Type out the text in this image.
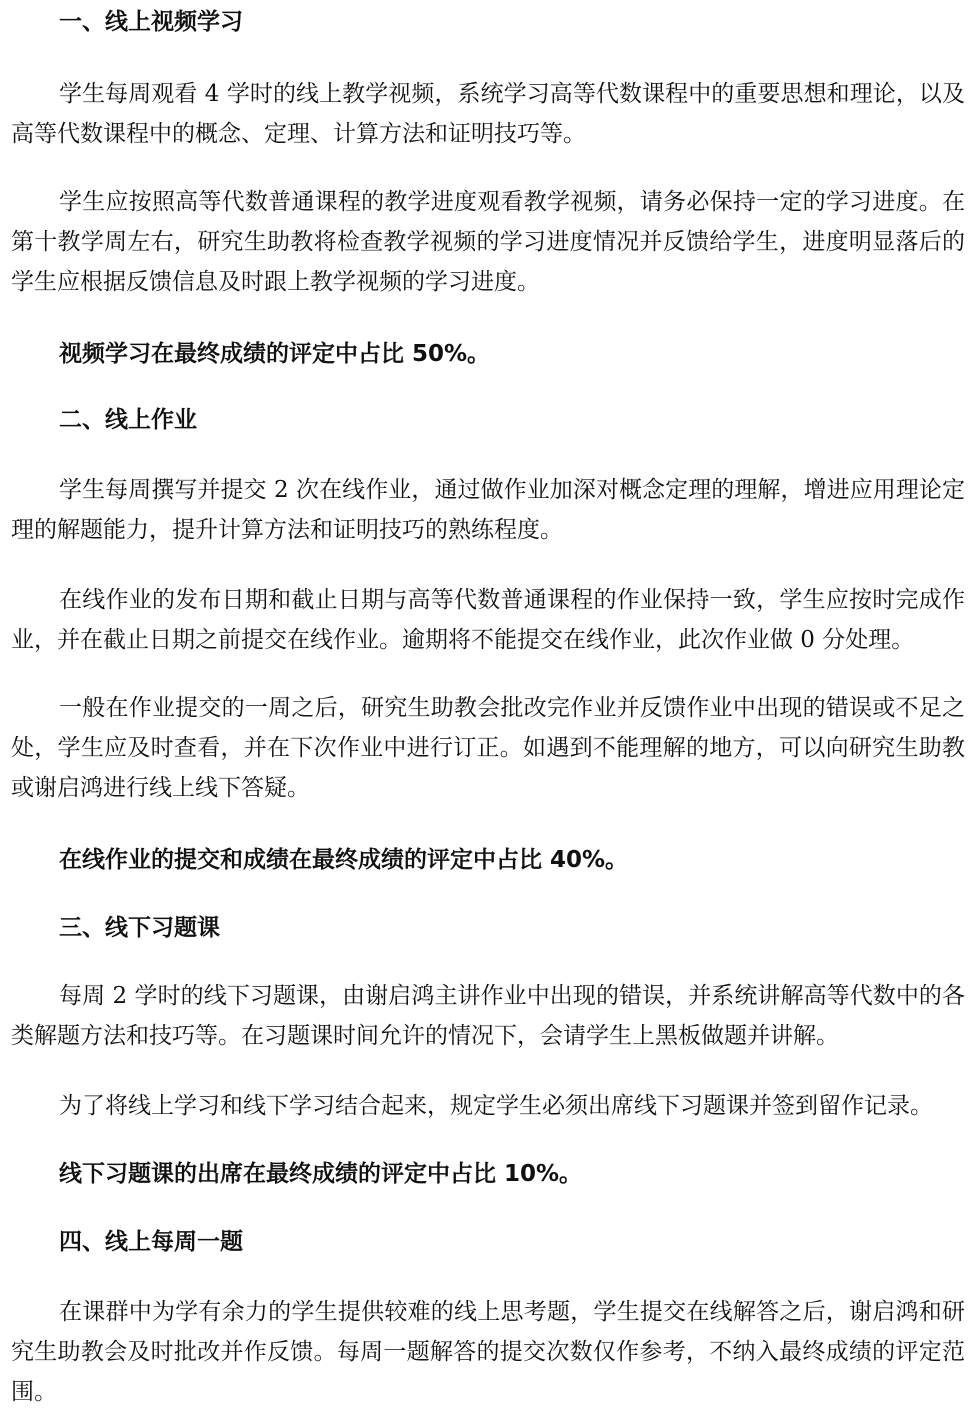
一、线上视频学习

学生每周观看 4 学时的线上教学视频，系统学习高等代数课程中的重要思想和理论，以及高等代数课程中的概念、定理、计算方法和证明技巧等。

学生应按照高等代数普通课程的教学进度观看教学视频，请务必保持一定的学习进度。在第十教学周左右，研究生助教将检查教学视频的学习进度情况并反馈给学生，进度明显落后的学生应根据反馈信息及时跟上教学视频的学习进度。

视频学习在最终成绩的评定中占比 50%。

二、线上作业

学生每周撰写并提交 2 次在线作业，通过做作业加深对概念定理的理解，增进应用理论定理的解题能力，提升计算方法和证明技巧的熟练程度。

在线作业的发布日期和截止日期与高等代数普通课程的作业保持一致，学生应按时完成作业，并在截止日期之前提交在线作业。逾期将不能提交在线作业，此次作业做 0 分处理。

一般在作业提交的一周之后，研究生助教会批改完作业并反馈作业中出现的错误或不足之处，学生应及时查看，并在下次作业中进行订正。如遇到不能理解的地方，可以向研究生助教或谢启鸿进行线上线下答疑。

在线作业的提交和成绩在最终成绩的评定中占比 40%。

三、线下习题课

每周 2 学时的线下习题课，由谢启鸿主讲作业中出现的错误，并系统讲解高等代数中的各类解题方法和技巧等。在习题课时间允许的情况下，会请学生上黑板做题并讲解。

为了将线上学习和线下学习结合起来，规定学生必须出席线下习题课并签到留作记录。

线下习题课的出席在最终成绩的评定中占比 10%。

四、线上每周一题

在课群中为学有余力的学生提供较难的线上思考题，学生提交在线解答之后，谢启鸿和研究生助教会及时批改并作反馈。每周一题解答的提交次数仅作参考，不纳入最终成绩的评定范围。
